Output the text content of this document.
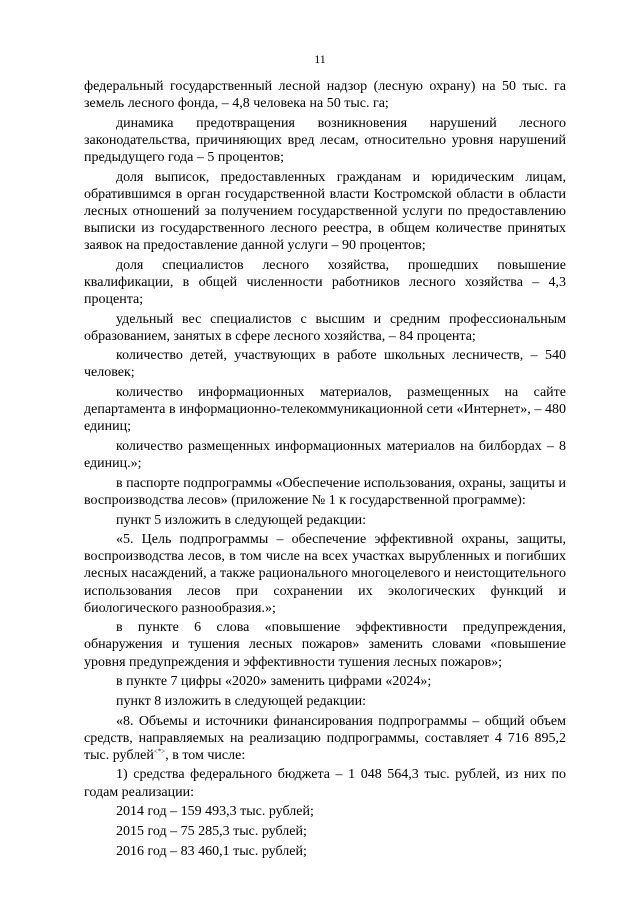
11

федеральный государственный лесной надзор (лесную охрану) на 50 тыс. га земель лесного фонда, – 4,8 человека на 50 тыс. га;

динамика предотвращения возникновения нарушений лесного законодательства, причиняющих вред лесам, относительно уровня нарушений предыдущего года – 5 процентов;

доля выписок, предоставленных гражданам и юридическим лицам, обратившимся в орган государственной власти Костромской области в области лесных отношений за получением государственной услуги по предоставлению выписки из государственного лесного реестра, в общем количестве принятых заявок на предоставление данной услуги – 90 процентов;

доля специалистов лесного хозяйства, прошедших повышение квалификации, в общей численности работников лесного хозяйства – 4,3 процента;

удельный вес специалистов с высшим и средним профессиональным образованием, занятых в сфере лесного хозяйства, – 84 процента;

количество детей, участвующих в работе школьных лесничеств, – 540 человек;

количество информационных материалов, размещенных на сайте департамента в информационно-телекоммуникационной сети «Интернет», – 480 единиц;

количество размещенных информационных материалов на билбордах – 8 единиц.»;

в паспорте подпрограммы «Обеспечение использования, охраны, защиты и воспроизводства лесов» (приложение № 1 к государственной программе):

пункт 5 изложить в следующей редакции:

«5. Цель подпрограммы – обеспечение эффективной охраны, защиты, воспроизводства лесов, в том числе на всех участках вырубленных и погибших лесных насаждений, а также рационального многоцелевого и неистощительного использования лесов при сохранении их экологических функций и биологического разнообразия.»;

в пункте 6 слова «повышение эффективности предупреждения, обнаружения и тушения лесных пожаров» заменить словами «повышение уровня предупреждения и эффективности тушения лесных пожаров»;

в пункте 7 цифры «2020» заменить цифрами «2024»;

пункт 8 изложить в следующей редакции:

«8. Объемы и источники финансирования подпрограммы – общий объем средств, направляемых на реализацию подпрограммы, составляет 4 716 895,2 тыс. рублей<*>, в том числе:

1) средства федерального бюджета – 1 048 564,3 тыс. рублей, из них по годам реализации:

2014 год – 159 493,3 тыс. рублей;

2015 год – 75 285,3 тыс. рублей;

2016 год – 83 460,1 тыс. рублей;
